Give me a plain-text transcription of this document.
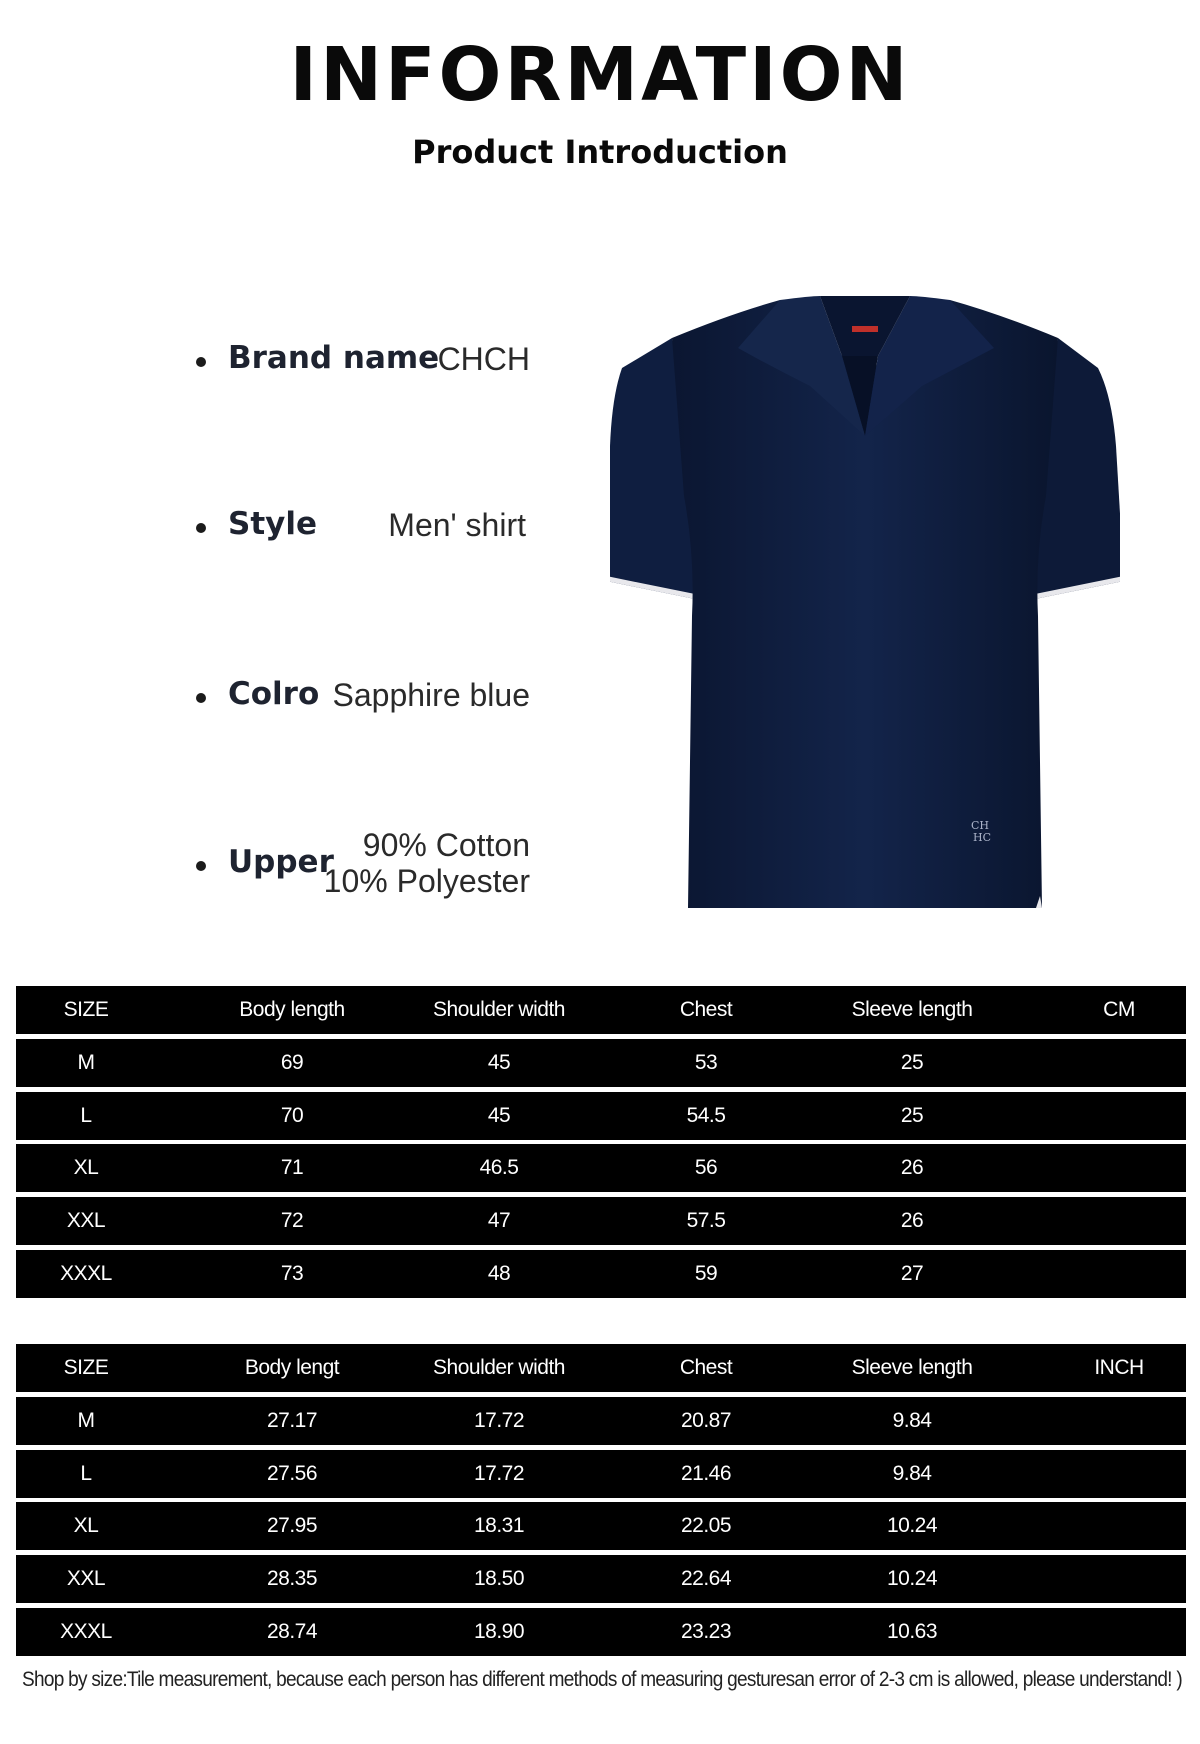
INFORMATION
Product Introduction
Brand name
CHCH
Style Men' shirt
Colro Sapphire blue
Upper 90% Cotton
10% Polyester
CH
HC
SIZE	Body length	Shoulder width	Chest	Sleeve length	CM
M	69	45	53	25
L	70	45	54.5	25
XL	71	46.5	56	26
XXL	72	47	57.5	26
XXXL	73	48	59	27
SIZE	Body lengt	Shoulder width	Chest	Sleeve length	INCH
M	27.17	17.72	20.87	9.84
L	27.56	17.72	21.46	9.84
XL	27.95	18.31	22.05	10.24
XXL	28.35	18.50	22.64	10.24
XXXL	28.74	18.90	23.23	10.63
Shop by size:Tile measurement, because each person has different methods of measuring gesturesan error of 2-3 cm is allowed, please understand! )
